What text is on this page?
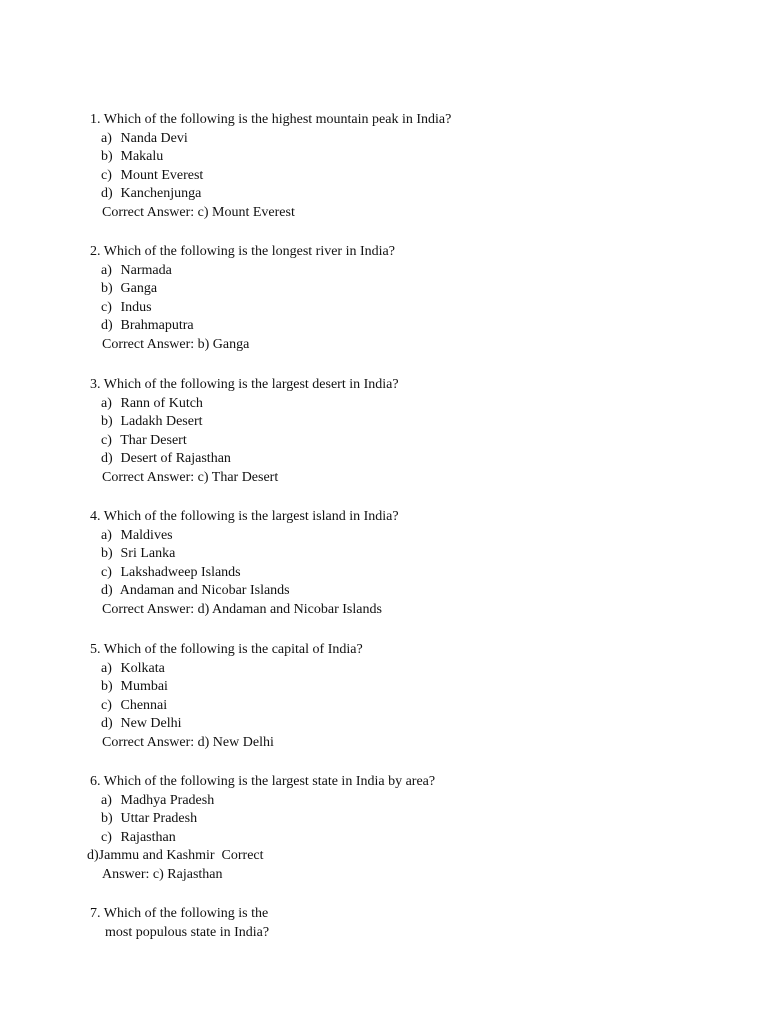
1. Which of the following is the highest mountain peak in India?
a) Nanda Devi
b) Makalu
c) Mount Everest
d) Kanchenjunga
Correct Answer: c) Mount Everest
2. Which of the following is the longest river in India?
a) Narmada
b) Ganga
c) Indus
d) Brahmaputra
Correct Answer: b) Ganga
3. Which of the following is the largest desert in India?
a) Rann of Kutch
b) Ladakh Desert
c) Thar Desert
d) Desert of Rajasthan
Correct Answer: c) Thar Desert
4. Which of the following is the largest island in India?
a) Maldives
b) Sri Lanka
c) Lakshadweep Islands
d) Andaman and Nicobar Islands
Correct Answer: d) Andaman and Nicobar Islands
5. Which of the following is the capital of India?
a) Kolkata
b) Mumbai
c) Chennai
d) New Delhi
Correct Answer: d) New Delhi
6. Which of the following is the largest state in India by area?
a) Madhya Pradesh
b) Uttar Pradesh
c) Rajasthan
d)Jammu and Kashmir  Correct
Answer: c) Rajasthan
7. Which of the following is the
most populous state in India?
